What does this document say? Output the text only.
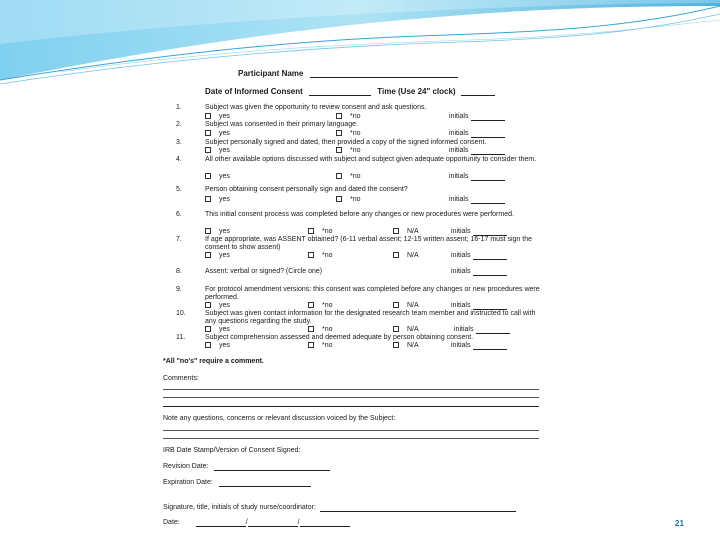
Participant Name
Date of Informed Consent	Time (Use 24" clock)
1.	Subject was given the opportunity to review consent and ask questions.
yes	*no	initials
2.	Subject was consented in their primary language.
yes	*no	initials
3.	Subject personally signed and dated, then provided a copy of the signed informed consent.
yes	*no	initials
4.	All other available options discussed with subject and subject given adequate opportunity to consider them.
yes	*no	initials
5.	Person obtaining consent personally sign and dated the consent?
yes	*no	initials
6.	This initial consent process was completed before any changes or new procedures were performed.
yes	*no	N/A	initials
7.	If age appropriate, was ASSENT obtained? (6-11 verbal assent; 12-15 written assent; 16-17 must sign the consent to show assent)
yes	*no	N/A	initials
8.	Assent: verbal or signed? (Circle one)	initials
9.	For protocol amendment versions: this consent was completed before any changes or new procedures were performed.
yes	*no	N/A	initials
10.	Subject was given contact information for the designated research team member and instructed to call with any questions regarding the study.
yes	*no	N/A	initials
11.	Subject comprehension assessed and deemed adequate by person obtaining consent.
yes	*no	N/A	initials
*All "no's" require a comment.
Comments:
Note any questions, concerns or relevant discussion voiced by the Subject:
IRB Date Stamp/Version of Consent Signed:
Revision Date:
Expiration Date:
Signature, title, initials of study nurse/coordinator:
Date:	/	/	21
